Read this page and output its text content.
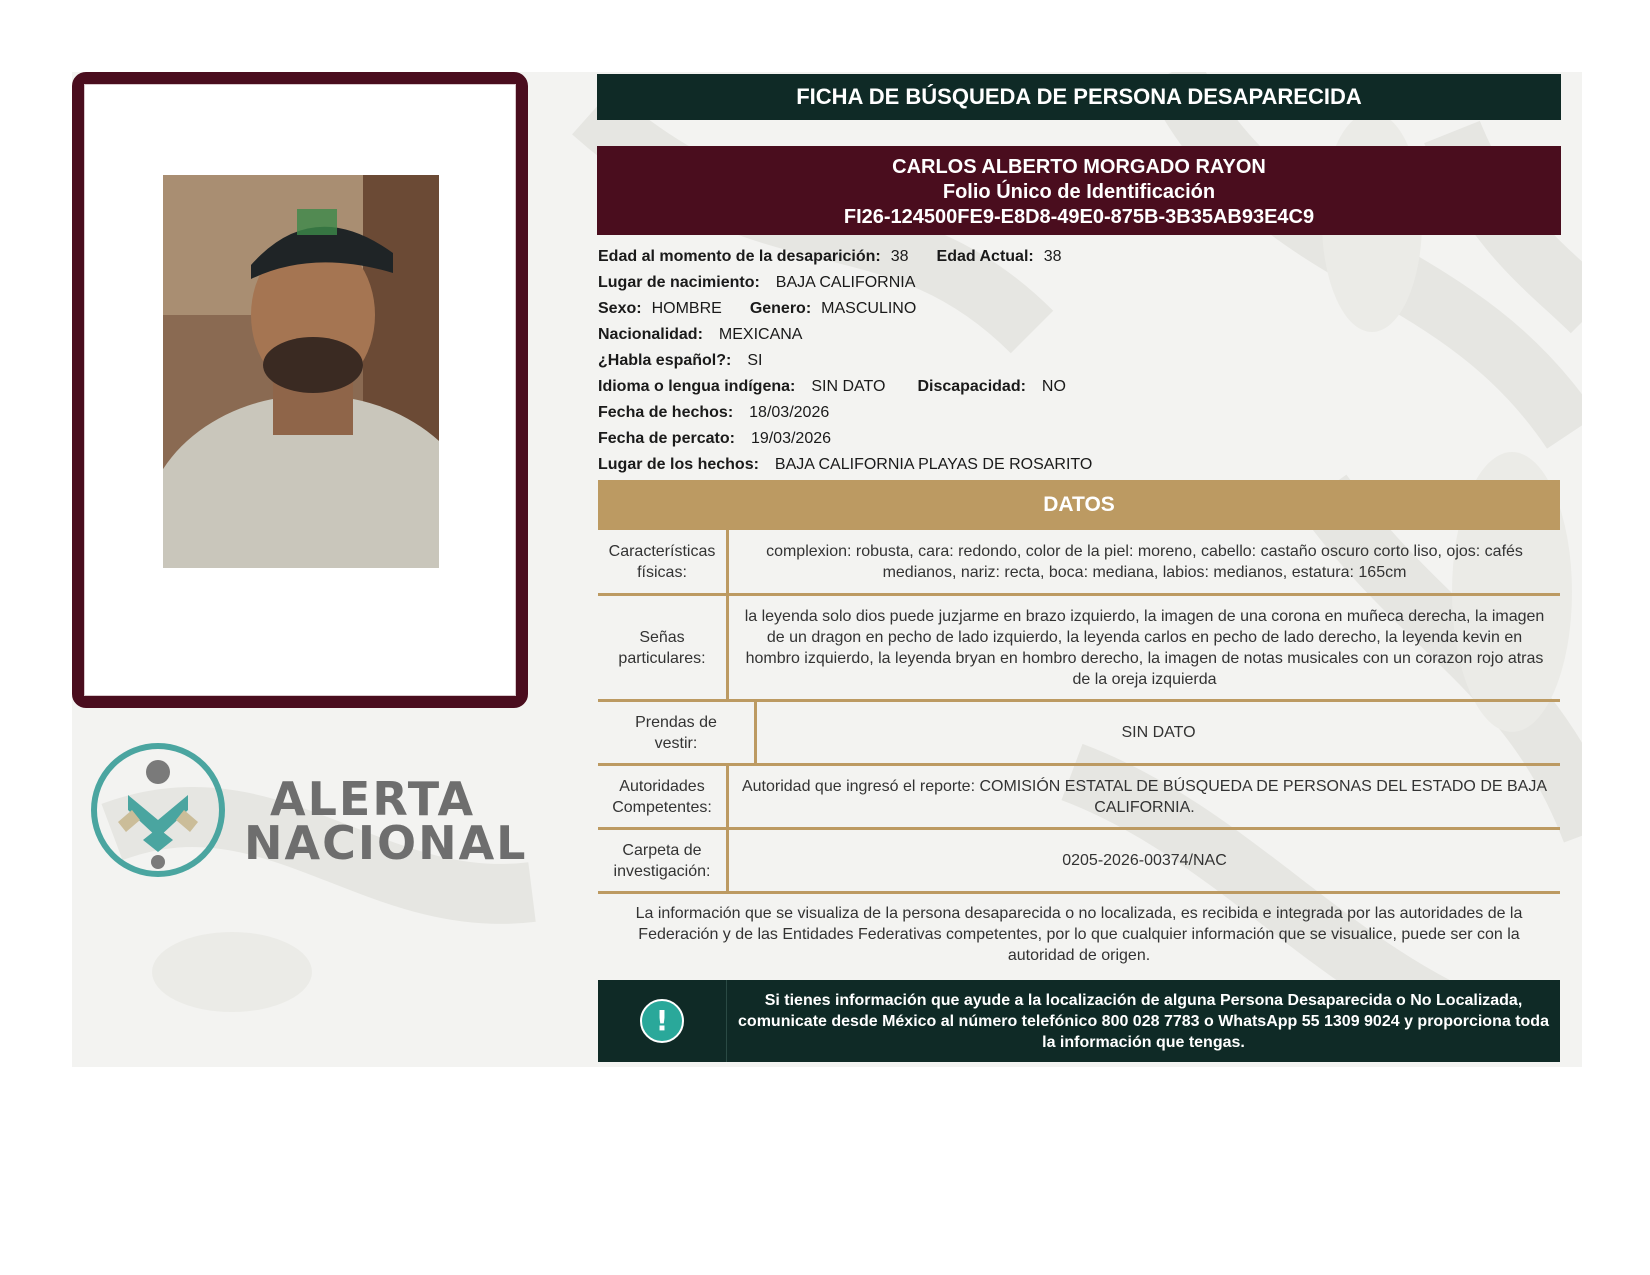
ALERTA
NACIONAL
FICHA DE BÚSQUEDA DE PERSONA DESAPARECIDA
CARLOS ALBERTO MORGADO RAYON
Folio Único de Identificación
FI26-124500FE9-E8D8-49E0-875B-3B35AB93E4C9
Edad al momento de la desaparición: 38 Edad Actual: 38
Lugar de nacimiento: BAJA CALIFORNIA
Sexo: HOMBRE Genero: MASCULINO
Nacionalidad: MEXICANA
¿Habla español?: SI
Idioma o lengua indígena: SIN DATO Discapacidad: NO
Fecha de hechos: 18/03/2026
Fecha de percato: 19/03/2026
Lugar de los hechos: BAJA CALIFORNIA PLAYAS DE ROSARITO
DATOS
Características físicas:
complexion: robusta, cara: redondo, color de la piel: moreno, cabello: castaño oscuro corto liso, ojos: cafés medianos, nariz: recta, boca: mediana, labios: medianos, estatura: 165cm
Señas particulares:
la leyenda solo dios puede juzjarme en brazo izquierdo, la imagen de una corona en muñeca derecha, la imagen de un dragon en pecho de lado izquierdo, la leyenda carlos en pecho de lado derecho, la leyenda kevin en hombro izquierdo, la leyenda bryan en hombro derecho, la imagen de notas musicales con un corazon rojo atras de la oreja izquierda
Prendas de vestir:
SIN DATO
Autoridades Competentes:
Autoridad que ingresó el reporte: COMISIÓN ESTATAL DE BÚSQUEDA DE PERSONAS DEL ESTADO DE BAJA CALIFORNIA.
Carpeta de investigación:
0205-2026-00374/NAC
La información que se visualiza de la persona desaparecida o no localizada, es recibida e integrada por las autoridades de la Federación y de las Entidades Federativas competentes, por lo que cualquier información que se visualice, puede ser con la autoridad de origen.
!
Si tienes información que ayude a la localización de alguna Persona Desaparecida o No Localizada, comunicate desde México al número telefónico 800 028 7783 o WhatsApp 55 1309 9024 y proporciona toda la información que tengas.
